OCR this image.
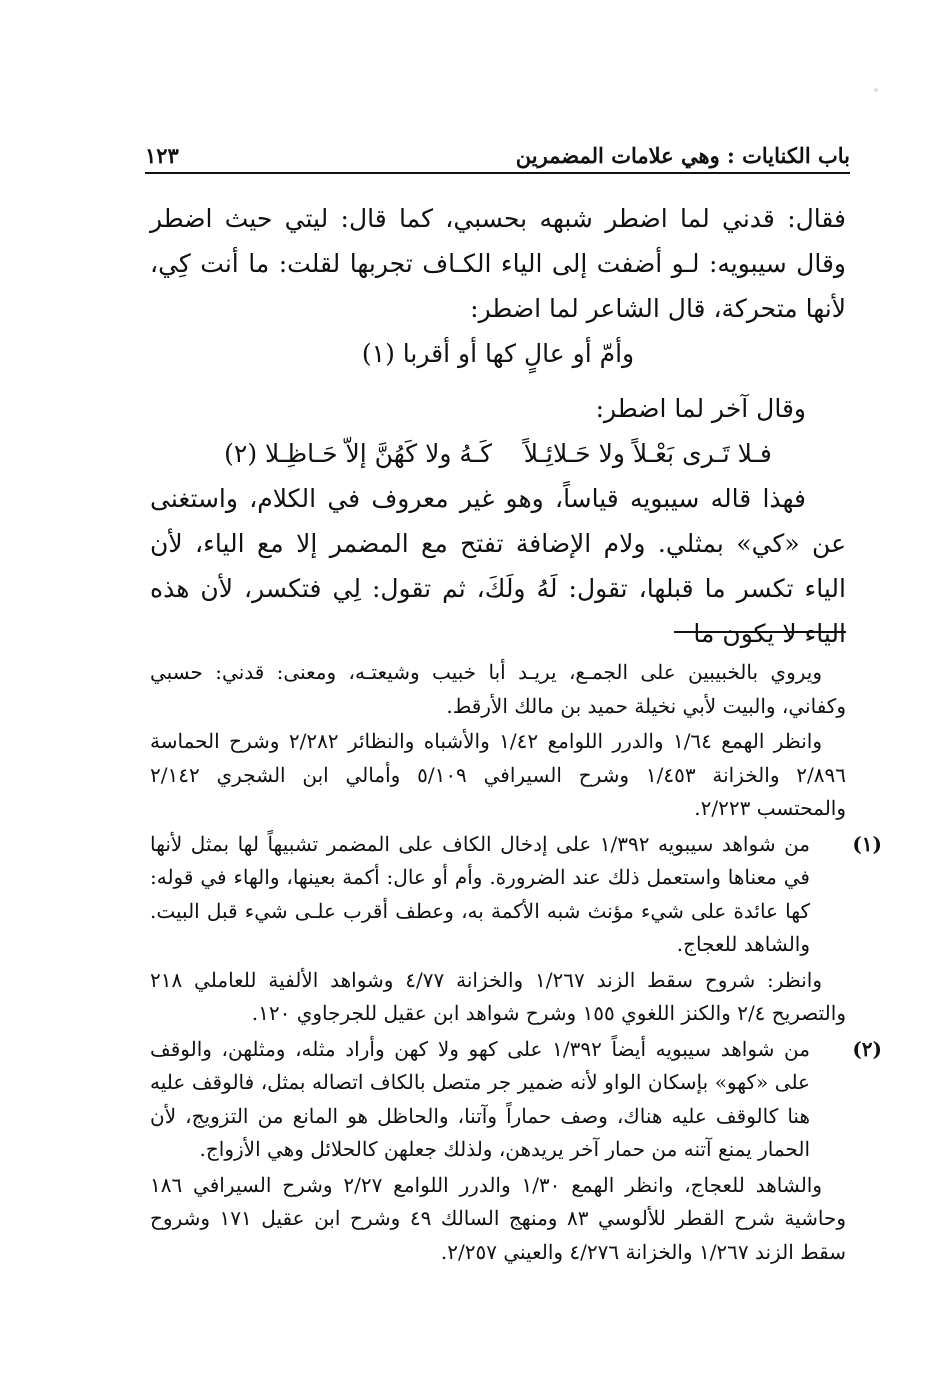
باب الكنايات : وهي علامات المضمرين
١٢٣

فقال: قدني لما اضطر شبهه بحسبي، كما قال: ليتي حيث اضطر وقال سيبويه: لـو أضفت إلى الياء الكـاف تجربها لقلت: ما أنت كِي، لأنها متحركة، قال الشاعر لما اضطر:

وأمّ أو عالٍ كها أو أقربا (١)

وقال آخر لما اضطر:

فـلا تَـرى بَعْـلاً ولا حَـلائِـلاً    كَـهُ ولا كَهُنَّ إلاّ حَـاظِـلا (٢)

فهذا قاله سيبويه قياساً، وهو غير معروف في الكلام، واستغنى عن «كي» بمثلي. ولام الإضافة تفتح مع المضمر إلا مع الياء، لأن الياء تكسر ما قبلها، تقول: لَهُ ولَكَ، ثم تقول: لِي فتكسر، لأن هذه الياء لا يكون ما

ويروي بالخبيبين على الجمـع، يريـد أبا خبيب وشيعتـه، ومعنى: قدني: حسبي وكفاني، والبيت لأبي نخيلة حميد بن مالك الأرقط.

وانظر الهمع ١/٦٤ والدرر اللوامع ١/٤٢ والأشباه والنظائر ٢/٢٨٢ وشرح الحماسة ٢/٨٩٦ والخزانة ١/٤٥٣ وشرح السيرافي ٥/١٠٩ وأمالي ابن الشجري ٢/١٤٢ والمحتسب ٢/٢٢٣.

(١)من شواهد سيبويه ١/٣٩٢ على إدخال الكاف على المضمر تشبيهاً لها بمثل لأنها في معناها واستعمل ذلك عند الضرورة. وأم أو عال: أكمة بعينها، والهاء في قوله: كها عائدة على شيء مؤنث شبه الأكمة به، وعطف أقرب علـى شيء قبل البيت. والشاهد للعجاج.

وانظر: شروح سقط الزند ١/٢٦٧ والخزانة ٤/٧٧ وشواهد الألفية للعاملي ٢١٨ والتصريح ٢/٤ والكنز اللغوي ١٥٥ وشرح شواهد ابن عقيل للجرجاوي ١٢٠.

(٢)من شواهد سيبويه أيضاً ١/٣٩٢ على كهو ولا كهن وأراد مثله، ومثلهن، والوقف على «كهو» بإسكان الواو لأنه ضمير جر متصل بالكاف اتصاله بمثل، فالوقف عليه هنا كالوقف عليه هناك، وصف حماراً وآتنا، والحاظل هو المانع من التزويج، لأن الحمار يمنع آتنه من حمار آخر يريدهن، ولذلك جعلهن كالحلائل وهي الأزواج.

والشاهد للعجاج، وانظر الهمع ١/٣٠ والدرر اللوامع ٢/٢٧ وشرح السيرافي ١٨٦ وحاشية شرح القطر للألوسي ٨٣ ومنهج السالك ٤٩ وشرح ابن عقيل ١٧١ وشروح سقط الزند ١/٢٦٧ والخزانة ٤/٢٧٦ والعيني ٢/٢٥٧.
